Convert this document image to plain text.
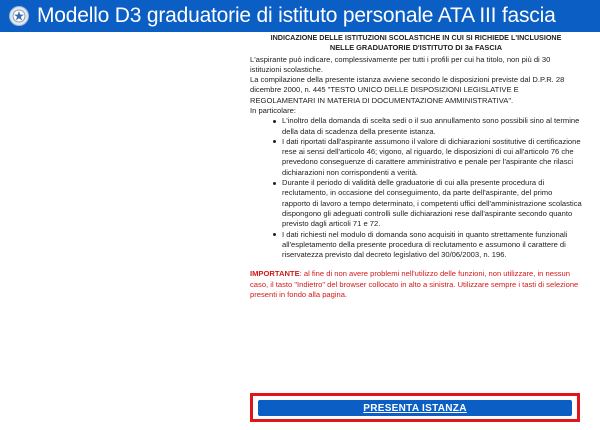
Modello D3 graduatorie di istituto personale ATA III fascia
INDICAZIONE DELLE ISTITUZIONI SCOLASTICHE IN CUI SI RICHIEDE L'INCLUSIONE
NELLE GRADUATORIE D'ISTITUTO DI 3a FASCIA

L'aspirante può indicare, complessivamente per tutti i profili per cui ha titolo, non più di 30 istituzioni scolastiche.

La compilazione della presente istanza avviene secondo le disposizioni previste dal D.P.R. 28 dicembre 2000, n. 445 "TESTO UNICO DELLE DISPOSIZIONI LEGISLATIVE E REGOLAMENTARI IN MATERIA DI DOCUMENTAZIONE AMMINISTRATIVA".

In particolare:

L'inoltro della domanda di scelta sedi o il suo annullamento sono possibili sino al termine della data di scadenza della presente istanza.
I dati riportati dall'aspirante assumono il valore di dichiarazioni sostitutive di certificazione rese ai sensi dell'articolo 46; vigono, al riguardo, le disposizioni di cui all'articolo 76 che prevedono conseguenze di carattere amministrativo e penale per l'aspirante che rilasci dichiarazioni non corrispondenti a verità.
Durante il periodo di validità delle graduatorie di cui alla presente procedura di reclutamento, in occasione del conseguimento, da parte dell'aspirante, del primo rapporto di lavoro a tempo determinato, i competenti uffici dell'amministrazione scolastica dispongono gli adeguati controlli sulle dichiarazioni rese dall'aspirante secondo quanto previsto dagli articoli 71 e 72.
I dati richiesti nel modulo di domanda sono acquisiti in quanto strettamente funzionali all'espletamento della presente procedura di reclutamento e assumono il carattere di riservatezza previsto dal decreto legislativo del 30/06/2003, n. 196.

IMPORTANTE: al fine di non avere problemi nell'utilizzo delle funzioni, non utilizzare, in nessun caso, il tasto "Indietro" del browser collocato in alto a sinistra. Utilizzare sempre i tasti di selezione presenti in fondo alla pagina.

PRESENTA ISTANZA
